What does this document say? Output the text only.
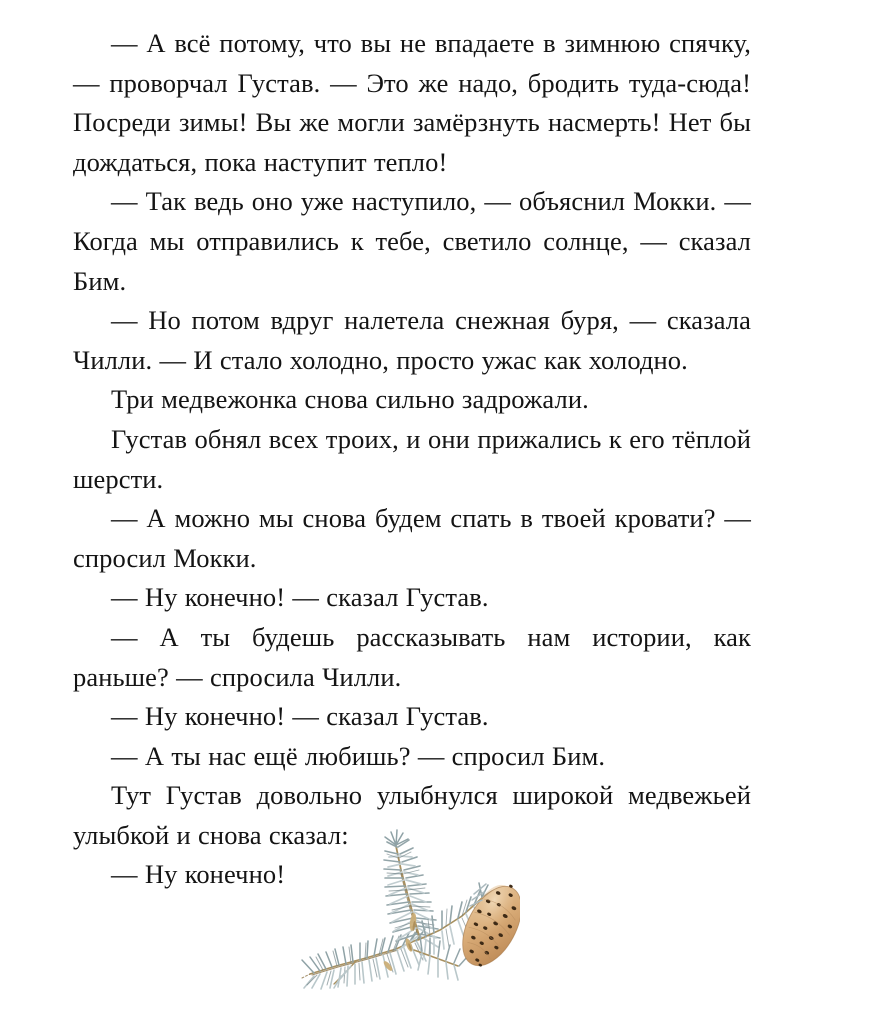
— А всё потому, что вы не впадаете в зимнюю спячку, — проворчал Густав. — Это же надо, бродить туда-сюда! Посреди зимы! Вы же могли замёрзнуть насмерть! Нет бы дождаться, пока наступит тепло!

— Так ведь оно уже наступило, — объяснил Мокки. — Когда мы отправились к тебе, светило солнце, — сказал Бим.

— Но потом вдруг налетела снежная буря, — сказала Чилли. — И стало холодно, просто ужас как холодно.

Три медвежонка снова сильно задрожали.

Густав обнял всех троих, и они прижались к его тёплой шерсти.

— А можно мы снова будем спать в твоей кровати? — спросил Мокки.

— Ну конечно! — сказал Густав.

— А ты будешь рассказывать нам истории, как раньше? — спросила Чилли.

— Ну конечно! — сказал Густав.

— А ты нас ещё любишь? — спросил Бим.

Тут Густав довольно улыбнулся широкой медвежьей улыбкой и снова сказал:

— Ну конечно!
